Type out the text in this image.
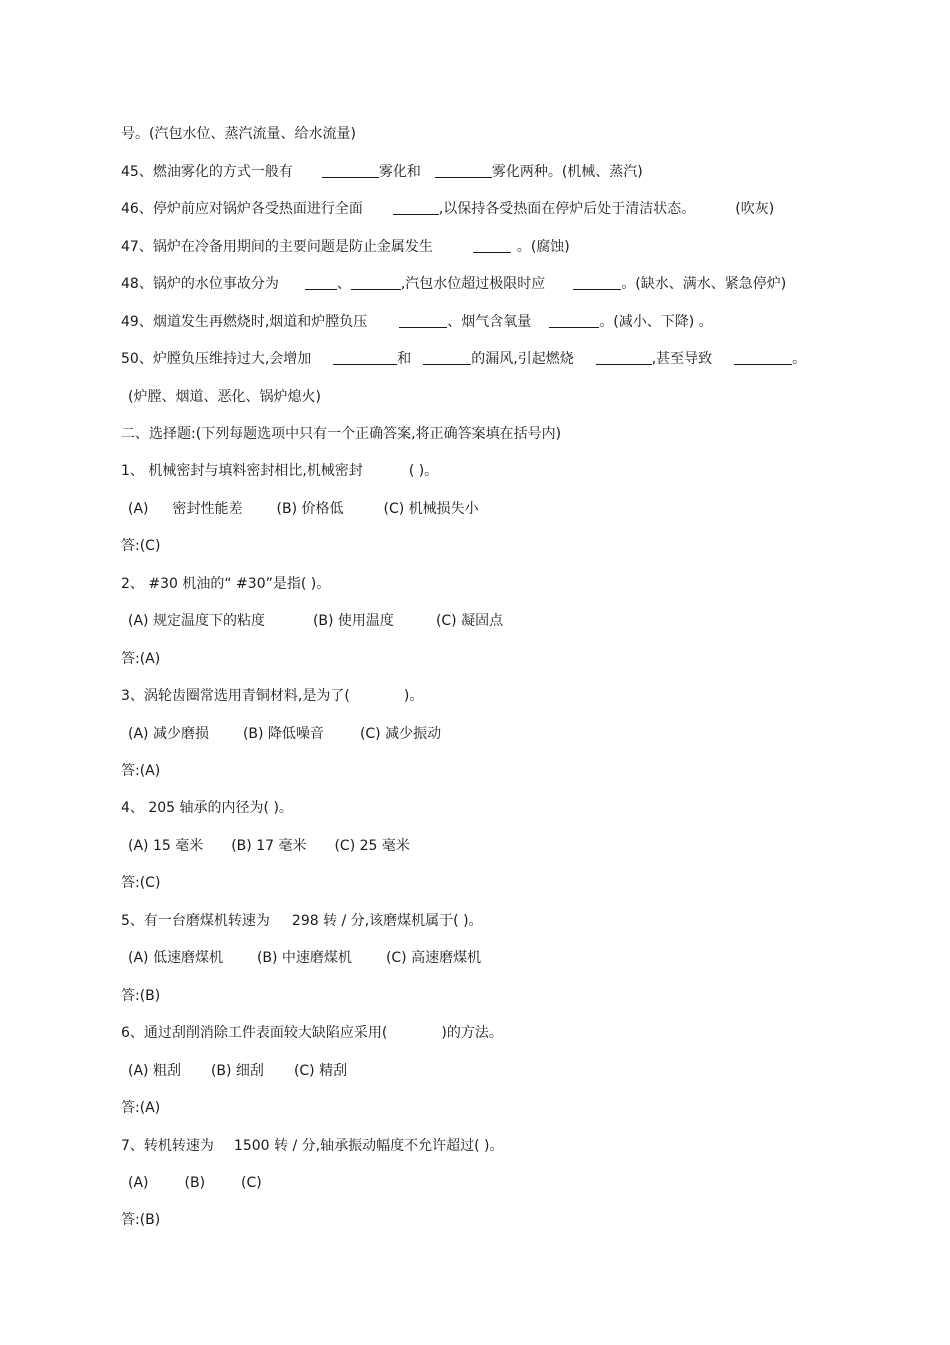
号。(汽包水位、蒸汽流量、给水流量)
45、燃油雾化的方式一般有	雾化和	雾化两种。(机械、蒸汽)
46、停炉前应对锅炉各受热面进行全面	,以保持各受热面在停炉后处于清洁状态。	(吹灰)
47、锅炉在冷备用期间的主要问题是防止金属发生	。(腐蚀)
48、锅炉的水位事故分为	、	,汽包水位超过极限时应	。(缺水、满水、紧急停炉)
49、烟道发生再燃烧时,烟道和炉膛负压	、烟气含氧量	。(减小、下降) 。
50、炉膛负压维持过大,会增加	和	的漏风,引起燃烧	,甚至导致	。
(炉膛、烟道、恶化、锅炉熄火)
二、选择题:(下列每题选项中只有一个正确答案,将正确答案填在括号内)
1、 机械密封与填料密封相比,机械密封	( )。
(A) 密封性能差 (B) 价格低	(C) 机械损失小
答:(C)
2、 #30 机油的“ #30”是指( )。
(A) 规定温度下的粘度	(B) 使用温度	(C) 凝固点
答:(A)
3、涡轮齿圈常选用青铜材料,是为了(	)。
(A) 减少磨损 (B) 降低噪音	(C) 减少振动
答:(A)
4、 205 轴承的内径为( )。
(A) 15 毫米 (B) 17 毫米 (C) 25 毫米
答:(C)
5、有一台磨煤机转速为 298 转 / 分,该磨煤机属于( )。
(A) 低速磨煤机 (B) 中速磨煤机 (C) 高速磨煤机
答:(B)
6、通过刮削消除工件表面较大缺陷应采用(	)的方法。
(A) 粗刮 (B) 细刮 (C) 精刮
答:(A)
7、转机转速为 1500 转 / 分,轴承振动幅度不允许超过( )。
(A)	(B)	(C)
答:(B)
